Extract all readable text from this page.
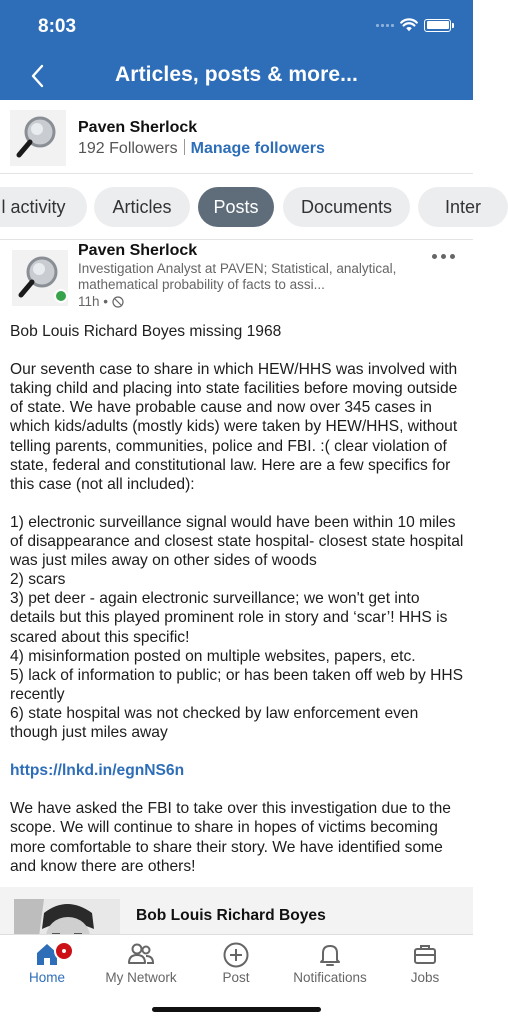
8:03
Articles, posts & more...
Paven Sherlock
192 Followers Manage followers
l activity	Articles	Posts	Documents	Inter
Paven Sherlock
Investigation Analyst at PAVEN; Statistical, analytical, mathematical probability of facts to assi...
11h •

Bob Louis Richard Boyes missing 1968

Our seventh case to share in which HEW/HHS was involved with taking child and placing into state facilities before moving outside of state. We have probable cause and now over 345 cases in which kids/adults (mostly kids) were taken by HEW/HHS, without telling parents, communities, police and FBI. :( clear violation of state, federal and constitutional law. Here are a few specifics for this case (not all included):

1) electronic surveillance signal would have been within 10 miles of disappearance and closest state hospital- closest state hospital was just miles away on other sides of woods

2) scars

3) pet deer - again electronic surveillance; we won't get into details but this played prominent role in story and ‘scar’! HHS is scared about this specific!

4) misinformation posted on multiple websites, papers, etc.

5) lack of information to public; or has been taken off web by HHS recently

6) state hospital was not checked by law enforcement even though just miles away

https://lnkd.in/egnNS6n

We have asked the FBI to take over this investigation due to the scope. We will continue to share in hopes of victims becoming more comfortable to share their story. We have identified some and know there are others!

Bob Louis Richard Boyes
Home	My Network	Post	Notifications	Jobs
